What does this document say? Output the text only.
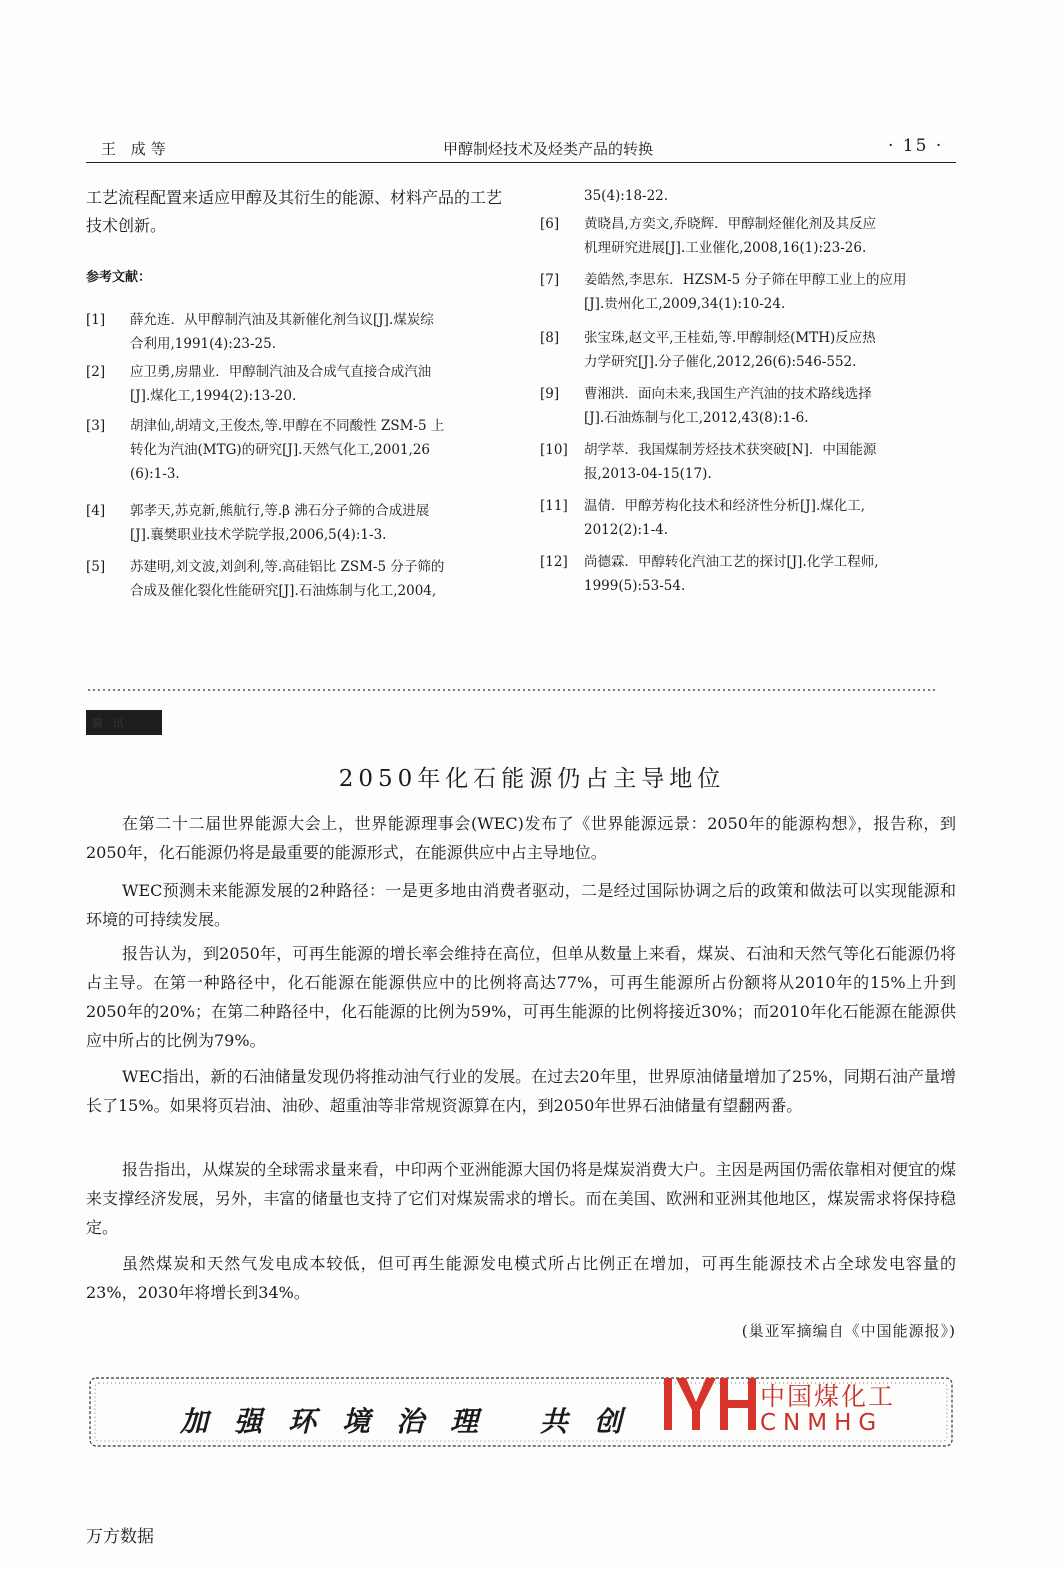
王 成等	甲醇制烃技术及烃类产品的转换	· 15 ·
工艺流程配置来适应甲醇及其衍生的能源、材料产品的工艺技术创新。
参考文献：
[1]	薛允连．从甲醇制汽油及其新催化剂刍议[J].煤炭综
合利用,1991(4):23-25.
[2]	应卫勇,房鼎业．甲醇制汽油及合成气直接合成汽油
[J].煤化工,1994(2):13-20.
[3]	胡津仙,胡靖文,王俊杰,等.甲醇在不同酸性 ZSM-5 上
转化为汽油(MTG)的研究[J].天然气化工,2001,26
(6):1-3.
[4]	郭孝天,苏克新,熊航行,等.β 沸石分子筛的合成进展
[J].襄樊职业技术学院学报,2006,5(4):1-3.
[5]	苏建明,刘文波,刘剑利,等.高硅铝比 ZSM-5 分子筛的
合成及催化裂化性能研究[J].石油炼制与化工,2004,
35(4):18-22.
[6]	黄晓昌,方奕文,乔晓辉．甲醇制烃催化剂及其反应
机理研究进展[J].工业催化,2008,16(1):23-26.
[7]	姜皓然,李思东．HZSM-5 分子筛在甲醇工业上的应用
[J].贵州化工,2009,34(1):10-24.
[8]	张宝珠,赵文平,王桂茹,等.甲醇制烃(MTH)反应热
力学研究[J].分子催化,2012,26(6):546-552.
[9]	曹湘洪．面向未来,我国生产汽油的技术路线选择
[J].石油炼制与化工,2012,43(8):1-6.
[10]	胡学萃．我国煤制芳烃技术获突破[N]．中国能源
报,2013-04-15(17).
[11]	温倩．甲醇芳构化技术和经济性分析[J].煤化工,
2012(2):1-4.
[12]	尚德霖．甲醇转化汽油工艺的探讨[J].化学工程师,
1999(5):53-54.
简 讯
2050年化石能源仍占主导地位
在第二十二届世界能源大会上，世界能源理事会(WEC)发布了《世界能源远景：2050年的能源构想》，报告称，到2050年，化石能源仍将是最重要的能源形式，在能源供应中占主导地位。
WEC预测未来能源发展的2种路径：一是更多地由消费者驱动，二是经过国际协调之后的政策和做法可以实现能源和环境的可持续发展。
报告认为，到2050年，可再生能源的增长率会维持在高位，但单从数量上来看，煤炭、石油和天然气等化石能源仍将占主导。在第一种路径中，化石能源在能源供应中的比例将高达77%，可再生能源所占份额将从2010年的15%上升到2050年的20%；在第二种路径中，化石能源的比例为59%，可再生能源的比例将接近30%；而2010年化石能源在能源供应中所占的比例为79%。
WEC指出，新的石油储量发现仍将推动油气行业的发展。在过去20年里，世界原油储量增加了25%，同期石油产量增长了15%。如果将页岩油、油砂、超重油等非常规资源算在内，到2050年世界石油储量有望翻两番。
报告指出，从煤炭的全球需求量来看，中印两个亚洲能源大国仍将是煤炭消费大户。主因是两国仍需依靠相对便宜的煤来支撑经济发展，另外，丰富的储量也支持了它们对煤炭需求的增长。而在美国、欧洲和亚洲其他地区，煤炭需求将保持稳定。
虽然煤炭和天然气发电成本较低，但可再生能源发电模式所占比例正在增加，可再生能源技术占全球发电容量的23%，2030年将增长到34%。
(巢亚军摘编自《中国能源报》)
加强环境治理 共创
中国煤化工
CNMHG
万方数据
